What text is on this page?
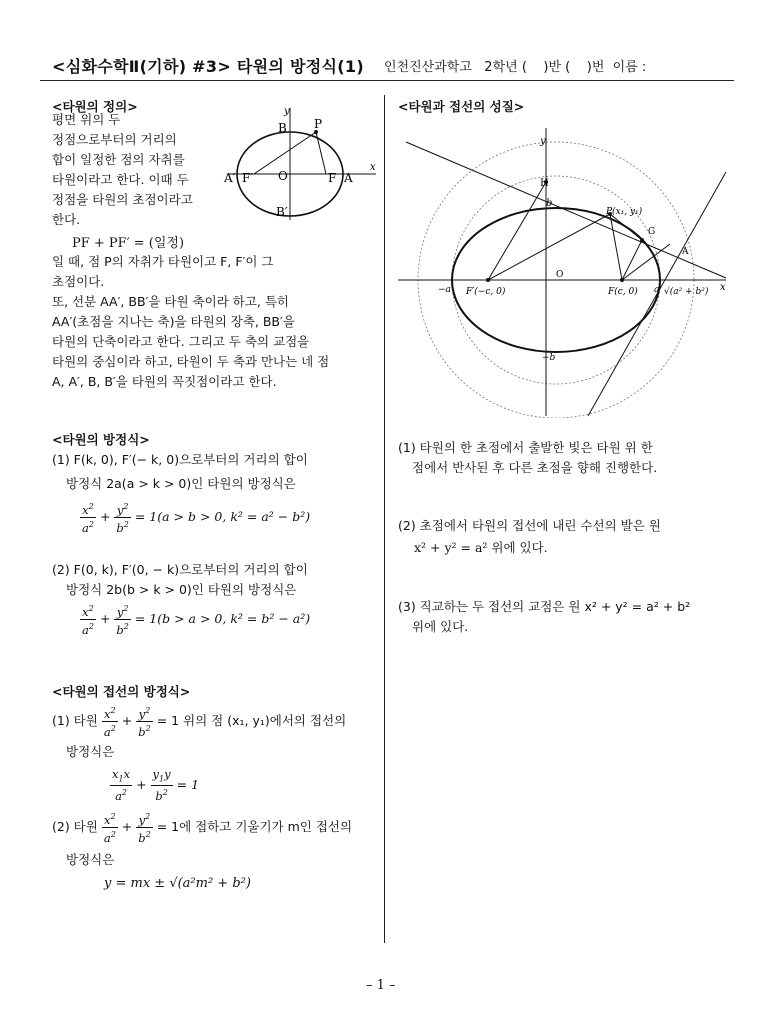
<심화수학Ⅱ(기하) #3> 타원의 방정식(1) 인천진산과학고   2학년 (    )반 (    )번  이름 :
<타원의 정의>
평면 위의 두
정점으로부터의 거리의
합이 일정한 점의 자취를
타원이라고 한다. 이때 두
정점을 타원의 초점이라고
한다.
PF + PF′ = (일정)
일 때, 점 P의 자취가 타원이고 F, F′이 그
초점이다.
또, 선분 AA′, BB′을 타원 축이라 하고, 특히
AA′(초점을 지나는 축)을 타원의 장축, BB′을
타원의 단축이라고 한다. 그리고 두 축의 교점을
타원의 중심이라 하고, 타원이 두 축과 만나는 네 점
A, A′, B, B′을 타원의 꼭짓점이라고 한다.
y
x
B P
A′ F′ O	F A
B′
<타원의 방정식>
(1) F(k, 0), F′(− k, 0)으로부터의 거리의 합이
방정식 2a(a > k > 0)인 타원의 방정식은
$\frac{x^2}{a^2} + \frac{y^2}{b^2} = 1(a > b > 0$, k² = a² − b²)
(2) F(0, k), F′(0, − k)으로부터의 거리의 합이
방정식 2b(b > k > 0)인 타원의 방정식은
$\frac{x^2}{a^2} + \frac{y^2}{b^2} = 1(b > a > 0$, k² = b² − a²)
<타원의 접선의 방정식>
(1) 타원 $\frac{x^2}{a^2} + \frac{y^2}{b^2} = 1$ 위의 점 (x₁, y₁)에서의 접선의
방정식은
$\frac{x_1x}{a^2} + \frac{y_1y}{b^2} = 1$
(2) 타원 $\frac{x^2}{a^2} + \frac{y^2}{b^2} = 1$에 접하고 기울기가 m인 접선의
방정식은
y = mx ± √(a²m² + b²)
<타원과 접선의 성질>
y
x
H
b
P(x₁, y₁)
G
A
O
−a F′(−c, 0)	F(c, 0) a √(a² + b²)
−b
(1) 타원의 한 초점에서 출발한 빛은 타원 위 한
점에서 반사된 후 다른 초점을 향해 진행한다.
(2) 초점에서 타원의 접선에 내린 수선의 발은 원
x² + y² = a² 위에 있다.
(3) 직교하는 두 접선의 교점은 원 x² + y² = a² + b²
위에 있다.
– 1 –
